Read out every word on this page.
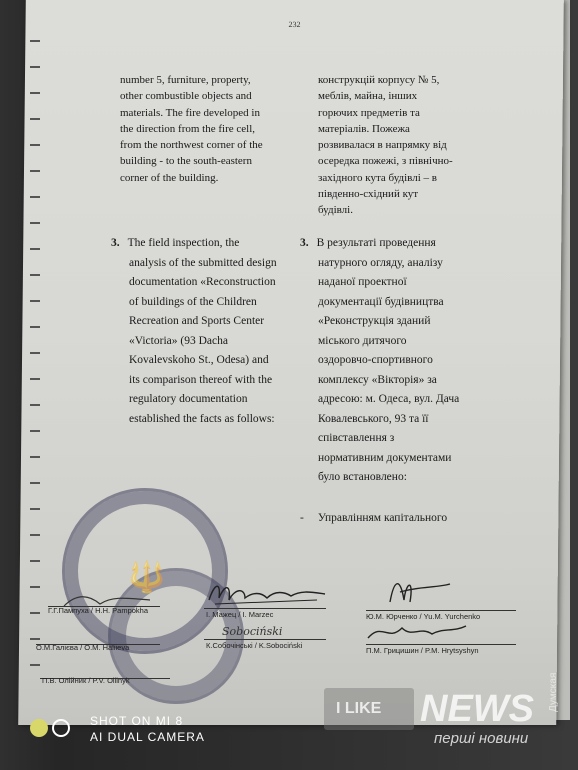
232

number 5, furniture, property,

other combustible objects and

materials. The fire developed in

the direction from the fire cell,

from the northwest corner of the

building - to the south-eastern

corner of the building.

конструкцій корпусу № 5,

меблів, майна, інших

горючих предметів та

матеріалів. Пожежа

розвивалася в напрямку від

осередка пожежі, з північно-

західного кута будівлі – в

південно-східний кут

будівлі.

3. The field inspection, the
analysis of the submitted design
documentation «Reconstruction
of buildings of the Children
Recreation and Sports Center
«Victoria» (93 Dacha
Kovalevskoho St., Odesa) and
its comparison thereof with the
regulatory documentation
established the facts as follows:
3. В результаті проведення
натурного огляду, аналізу
наданої проектної
документації будівництва
«Реконструкція зданий
міського дитячого
оздоровчо-спортивного
комплексу «Вікторія» за
адресою: м. Одеса, вул. Дача
Ковалевського, 93 та її
співставлення з
нормативним документами
було встановлено:
- Управлінням капітального
🔱
Sobociński
І. Мажец / I. Marzec
К.Собочінські / K.Sobociński
Г.Г.Пампуха / H.H. Pampokha
О.М.Галієва / О.М. Halіieva
П.В. Олійник / P.V. Oliinyk
Ю.М. Юрченко / Yu.M. Yurchenko
П.М. Грицишин / P.M. Hrytsyshyn
SHOT ON MI 8
AI DUAL CAMERA
I LIKE NEWS
перші новини
Думская
